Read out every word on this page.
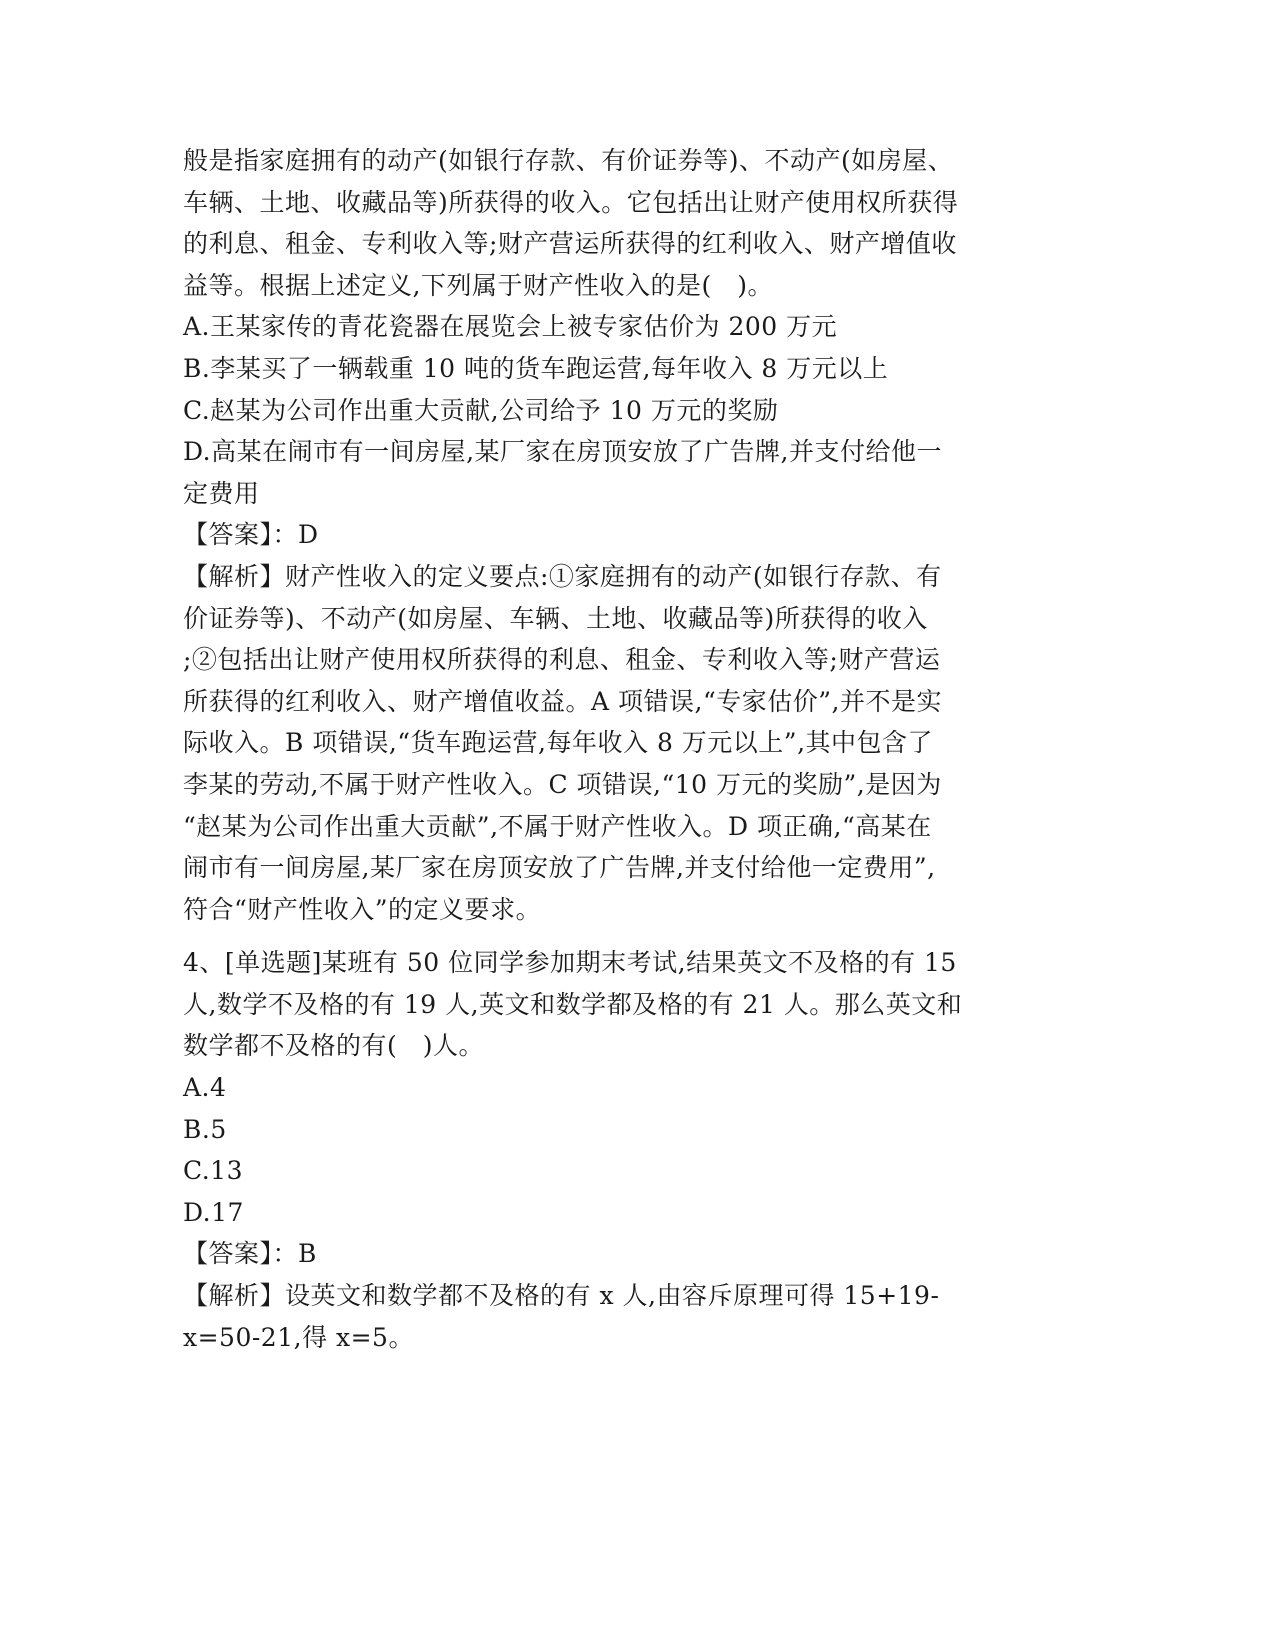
般是指家庭拥有的动产(如银行存款、有价证券等)、不动产(如房屋、
车辆、土地、收藏品等)所获得的收入。它包括出让财产使用权所获得
的利息、租金、专利收入等;财产营运所获得的红利收入、财产增值收
益等。根据上述定义,下列属于财产性收入的是(　)。
A.王某家传的青花瓷器在展览会上被专家估价为 200 万元
B.李某买了一辆载重 10 吨的货车跑运营,每年收入 8 万元以上
C.赵某为公司作出重大贡献,公司给予 10 万元的奖励
D.高某在闹市有一间房屋,某厂家在房顶安放了广告牌,并支付给他一
定费用
【答案】：D
【解析】财产性收入的定义要点:①家庭拥有的动产(如银行存款、有
价证券等)、不动产(如房屋、车辆、土地、收藏品等)所获得的收入
;②包括出让财产使用权所获得的利息、租金、专利收入等;财产营运
所获得的红利收入、财产增值收益。A 项错误,“专家估价”,并不是实
际收入。B 项错误,“货车跑运营,每年收入 8 万元以上”,其中包含了
李某的劳动,不属于财产性收入。C 项错误,“10 万元的奖励”,是因为
“赵某为公司作出重大贡献”,不属于财产性收入。D 项正确,“高某在
闹市有一间房屋,某厂家在房顶安放了广告牌,并支付给他一定费用”,
符合“财产性收入”的定义要求。
4、[单选题]某班有 50 位同学参加期末考试,结果英文不及格的有 15
人,数学不及格的有 19 人,英文和数学都及格的有 21 人。那么英文和
数学都不及格的有(　)人。
A.4
B.5
C.13
D.17
【答案】：B
【解析】设英文和数学都不及格的有 x 人,由容斥原理可得 15+19-
x=50-21,得 x=5。
